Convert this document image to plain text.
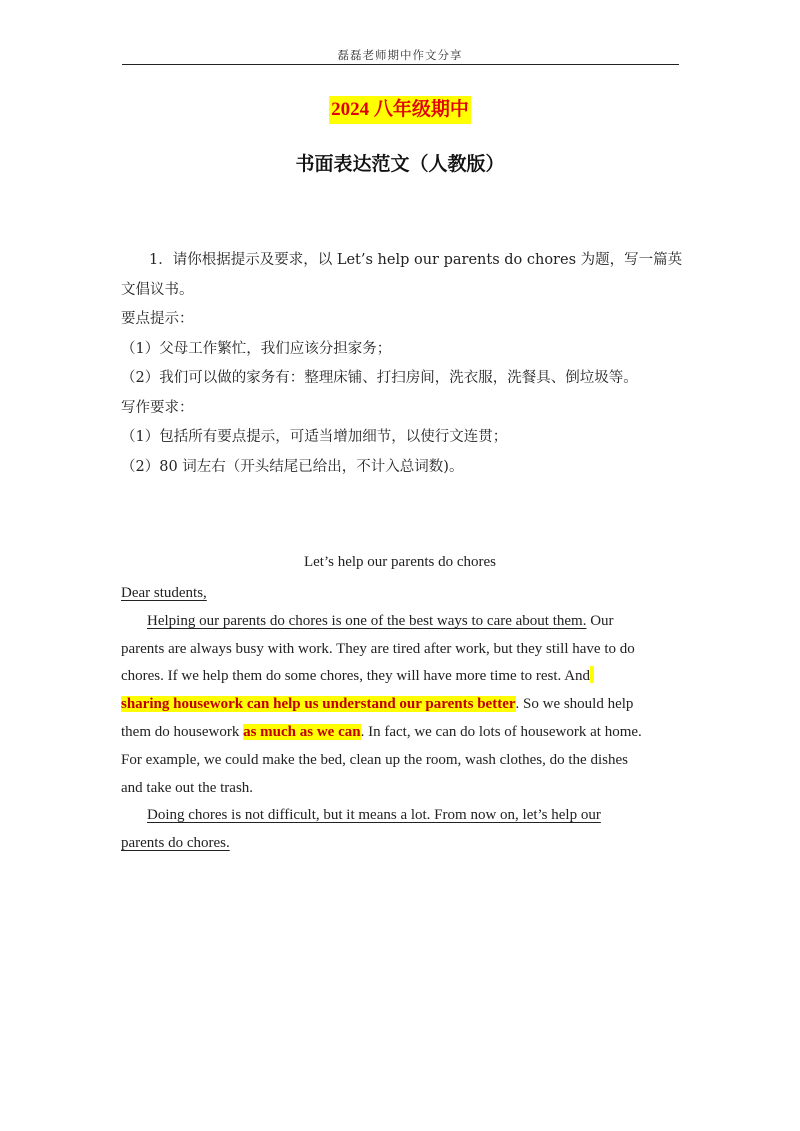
磊磊老师期中作文分享
2024 八年级期中
书面表达范文（人教版）

1．请你根据提示及要求，以 Let’s help our parents do chores 为题，写一篇英

文倡议书。

要点提示：

（1）父母工作繁忙，我们应该分担家务；

（2）我们可以做的家务有：整理床铺、打扫房间，洗衣服，洗餐具、倒垃圾等。

写作要求：

（1）包括所有要点提示，可适当增加细节，以使行文连贯；

（2）80 词左右（开头结尾已给出，不计入总词数)。

Let’s help our parents do chores

Dear students,

Helping our parents do chores is one of the best ways to care about them. Our
parents are always busy with work. They are tired after work, but they still have to do
chores. If we help them do some chores, they will have more time to rest. And
sharing housework can help us understand our parents better. So we should help
them do housework as much as we can. In fact, we can do lots of housework at home.
For example, we could make the bed, clean up the room, wash clothes, do the dishes
and take out the trash.

Doing chores is not difficult, but it means a lot. From now on, let’s help our
parents do chores.
